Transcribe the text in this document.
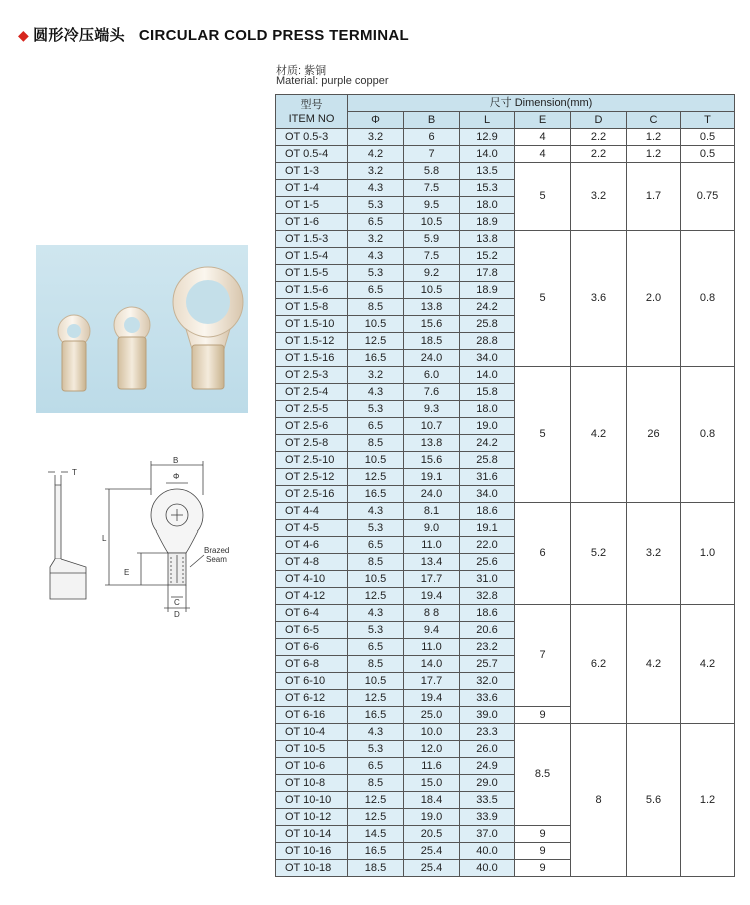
◆ 圆形冷压端头 CIRCULAR COLD PRESS TERMINAL
材质: 紫铜
Material: purple copper
T
B
Φ
L
E
C
D
Brazed
Seam
型号
ITEM NO	尺寸 Dimension(mm)						
	Φ	B	L	E	D	C	T
OT 0.5-3	3.2	6	12.9	4	2.2	1.2	0.5
OT 0.5-4	4.2	7	14.0	4	2.2	1.2	0.5
OT 1-3	3.2	5.8	13.5	5	3.2	1.7	0.75
OT 1-4	4.3	7.5	15.3				
OT 1-5	5.3	9.5	18.0				
OT 1-6	6.5	10.5	18.9				
OT 1.5-3	3.2	5.9	13.8	5	3.6	2.0	0.8
OT 1.5-4	4.3	7.5	15.2				
OT 1.5-5	5.3	9.2	17.8				
OT 1.5-6	6.5	10.5	18.9				
OT 1.5-8	8.5	13.8	24.2				
OT 1.5-10	10.5	15.6	25.8				
OT 1.5-12	12.5	18.5	28.8				
OT 1.5-16	16.5	24.0	34.0				
OT 2.5-3	3.2	6.0	14.0	5	4.2	26	0.8
OT 2.5-4	4.3	7.6	15.8				
OT 2.5-5	5.3	9.3	18.0				
OT 2.5-6	6.5	10.7	19.0				
OT 2.5-8	8.5	13.8	24.2				
OT 2.5-10	10.5	15.6	25.8				
OT 2.5-12	12.5	19.1	31.6				
OT 2.5-16	16.5	24.0	34.0				
OT 4-4	4.3	8.1	18.6	6	5.2	3.2	1.0
OT 4-5	5.3	9.0	19.1				
OT 4-6	6.5	11.0	22.0				
OT 4-8	8.5	13.4	25.6				
OT 4-10	10.5	17.7	31.0				
OT 4-12	12.5	19.4	32.8				
OT 6-4	4.3	8 8	18.6	7	6.2	4.2	4.2
OT 6-5	5.3	9.4	20.6				
OT 6-6	6.5	11.0	23.2				
OT 6-8	8.5	14.0	25.7				
OT 6-10	10.5	17.7	32.0				
OT 6-12	12.5	19.4	33.6				
OT 6-16	16.5	25.0	39.0	9			
OT 10-4	4.3	10.0	23.3	8.5	8	5.6	1.2
OT 10-5	5.3	12.0	26.0				
OT 10-6	6.5	11.6	24.9				
OT 10-8	8.5	15.0	29.0				
OT 10-10	12.5	18.4	33.5				
OT 10-12	12.5	19.0	33.9				
OT 10-14	14.5	20.5	37.0	9			
OT 10-16	16.5	25.4	40.0	9			
OT 10-18	18.5	25.4	40.0	9			
